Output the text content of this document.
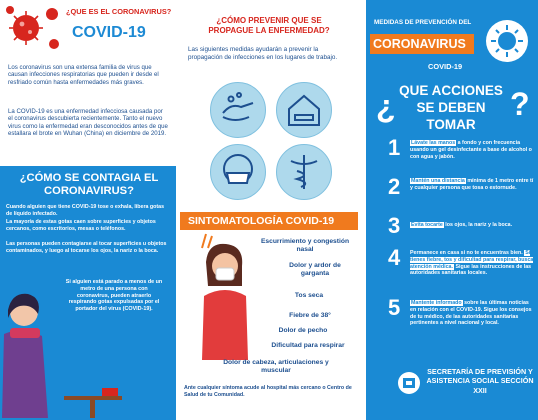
¿QUE ES EL CORONAVIRUS?
COVID-19
Los coronavirus son una extensa familia de virus que causan infecciones respiratorias que pueden ir desde el resfriado común hasta enfermedades más graves.
La COVID-19 es una enfermedad infecciosa causada por el coronavirus descubierta recientemente. Tanto el nuevo virus como la enfermedad eran desconocidos antes de que estallara el brote en Wuhan (China) en diciembre de 2019.
¿CÓMO SE CONTAGIA EL CORONAVIRUS?
Cuando alguien que tiene COVID-19 tose o exhala, libera gotas de líquido infectado.
La mayoría de estas gotas caen sobre superficies y objetos cercanos, como escritorios, mesas o teléfonos.
Las personas pueden contagiarse al tocar superficies u objetos contaminados, y luego al tocarse los ojos, la nariz o la boca.
Si alguien está parado a menos de un metro de una persona con coronavirus, pueden atraerlo respirando gotas expulsadas por el portador del virus (COVID-19).
¿CÓMO PREVENIR QUE SE PROPAGUE LA ENFERMEDAD?
Las siguientes medidas ayudarán a prevenir la propagación de infecciones en los lugares de trabajo.
SINTOMATOLOGÍA COVID-19
Escurrimiento y congestión nasal
Dolor y ardor de garganta
Tos seca
Fiebre de 38°
Dolor de pecho
Dificultad para respirar
Dolor de cabeza, articulaciones y muscular
Ante cualquier síntoma acude al hospital más cercano o Centro de Salud de tu Comunidad.
MEDIDAS DE PREVENCIÓN DEL
CORONAVIRUS
COVID-19
¿ QUE ACCIONES SE DEBEN TOMAR
?
1 Lávate las manos a fondo y con frecuencia usando un gel desinfectante a base de alcohol o con agua y jabón.
2 Mantén una distancia mínima de 1 metro entre tí y cualquier persona que tosa o estornude.
3 Evita tocarte los ojos, la nariz y la boca.
4 Permanece en casa si no te encuentras bien. Si tienes fiebre, tos y dificultad para respirar, busca atención médica. Sigue las instrucciones de las autoridades sanitarias locales.
5 Mantente informado sobre las últimas noticias en relación con el COVID-19. Sigue los consejos de tu médico, de las autoridades sanitarias pertinentes a nivel nacional y local.
SECRETARÍA DE PREVISIÓN Y ASISTENCIA SOCIAL SECCIÓN XXII
